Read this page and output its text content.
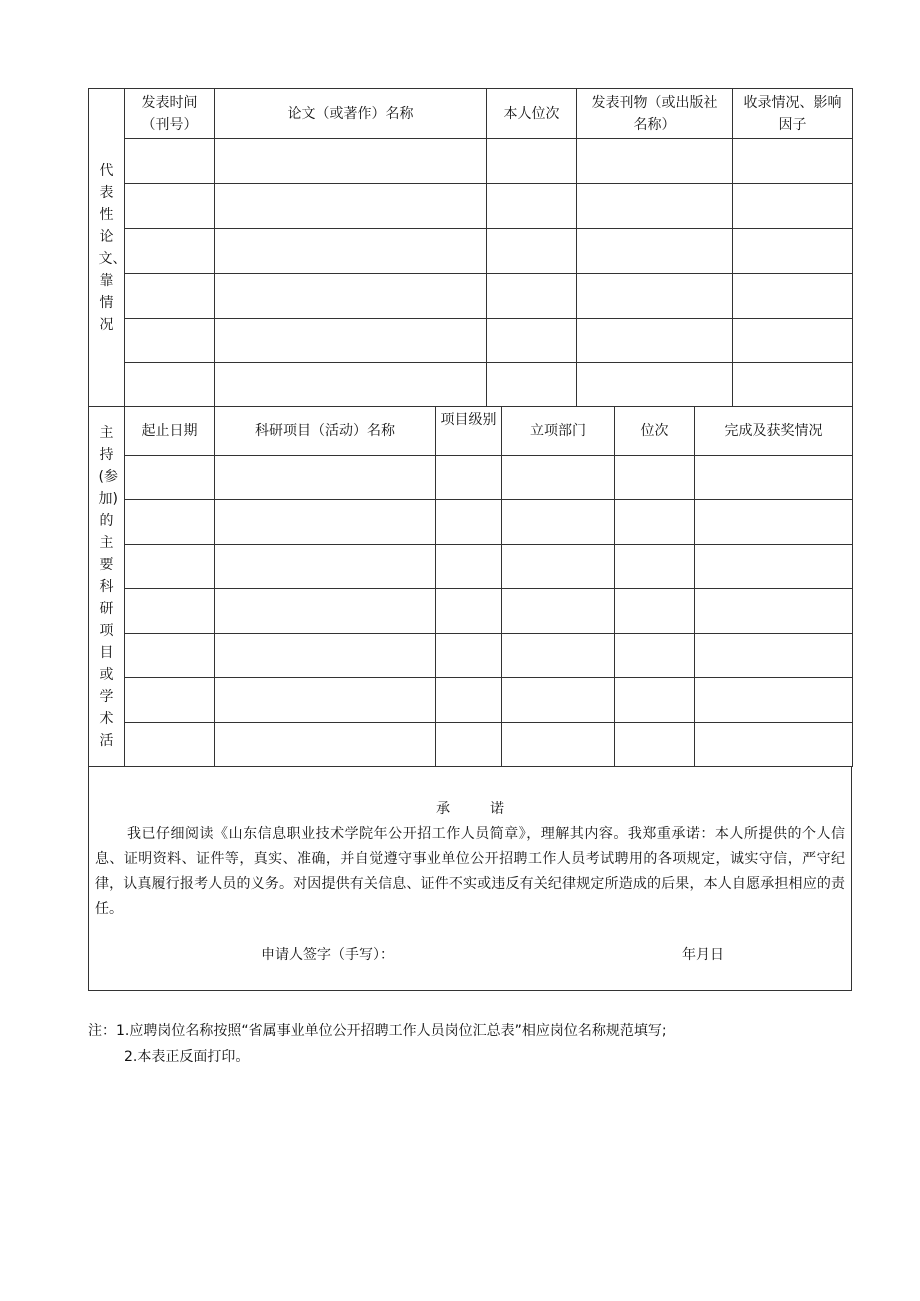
代表性论文、靠情况	发表时间（刊号）	论文（或著作）名称	本人位次	发表刊物（或出版社名称）	收录情况、影响因子

主持(参加)的主要科研项目或学术活	起止日期	科研项目（活动）名称	项目级别	立项部门	位次	完成及获奖情况

承诺
我已仔细阅读《山东信息职业技术学院年公开招工作人员简章》，理解其内容。我郑重承诺：本人所提供的个人信息、证明资料、证件等，真实、准确，并自觉遵守事业单位公开招聘工作人员考试聘用的各项规定，诚实守信，严守纪律，认真履行报考人员的义务。对因提供有关信息、证件不实或违反有关纪律规定所造成的后果，本人自愿承担相应的责任。
申请人签字（手写）：	年月日
注：1.应聘岗位名称按照“省属事业单位公开招聘工作人员岗位汇总表”相应岗位名称规范填写;
2.本表正反面打印。
